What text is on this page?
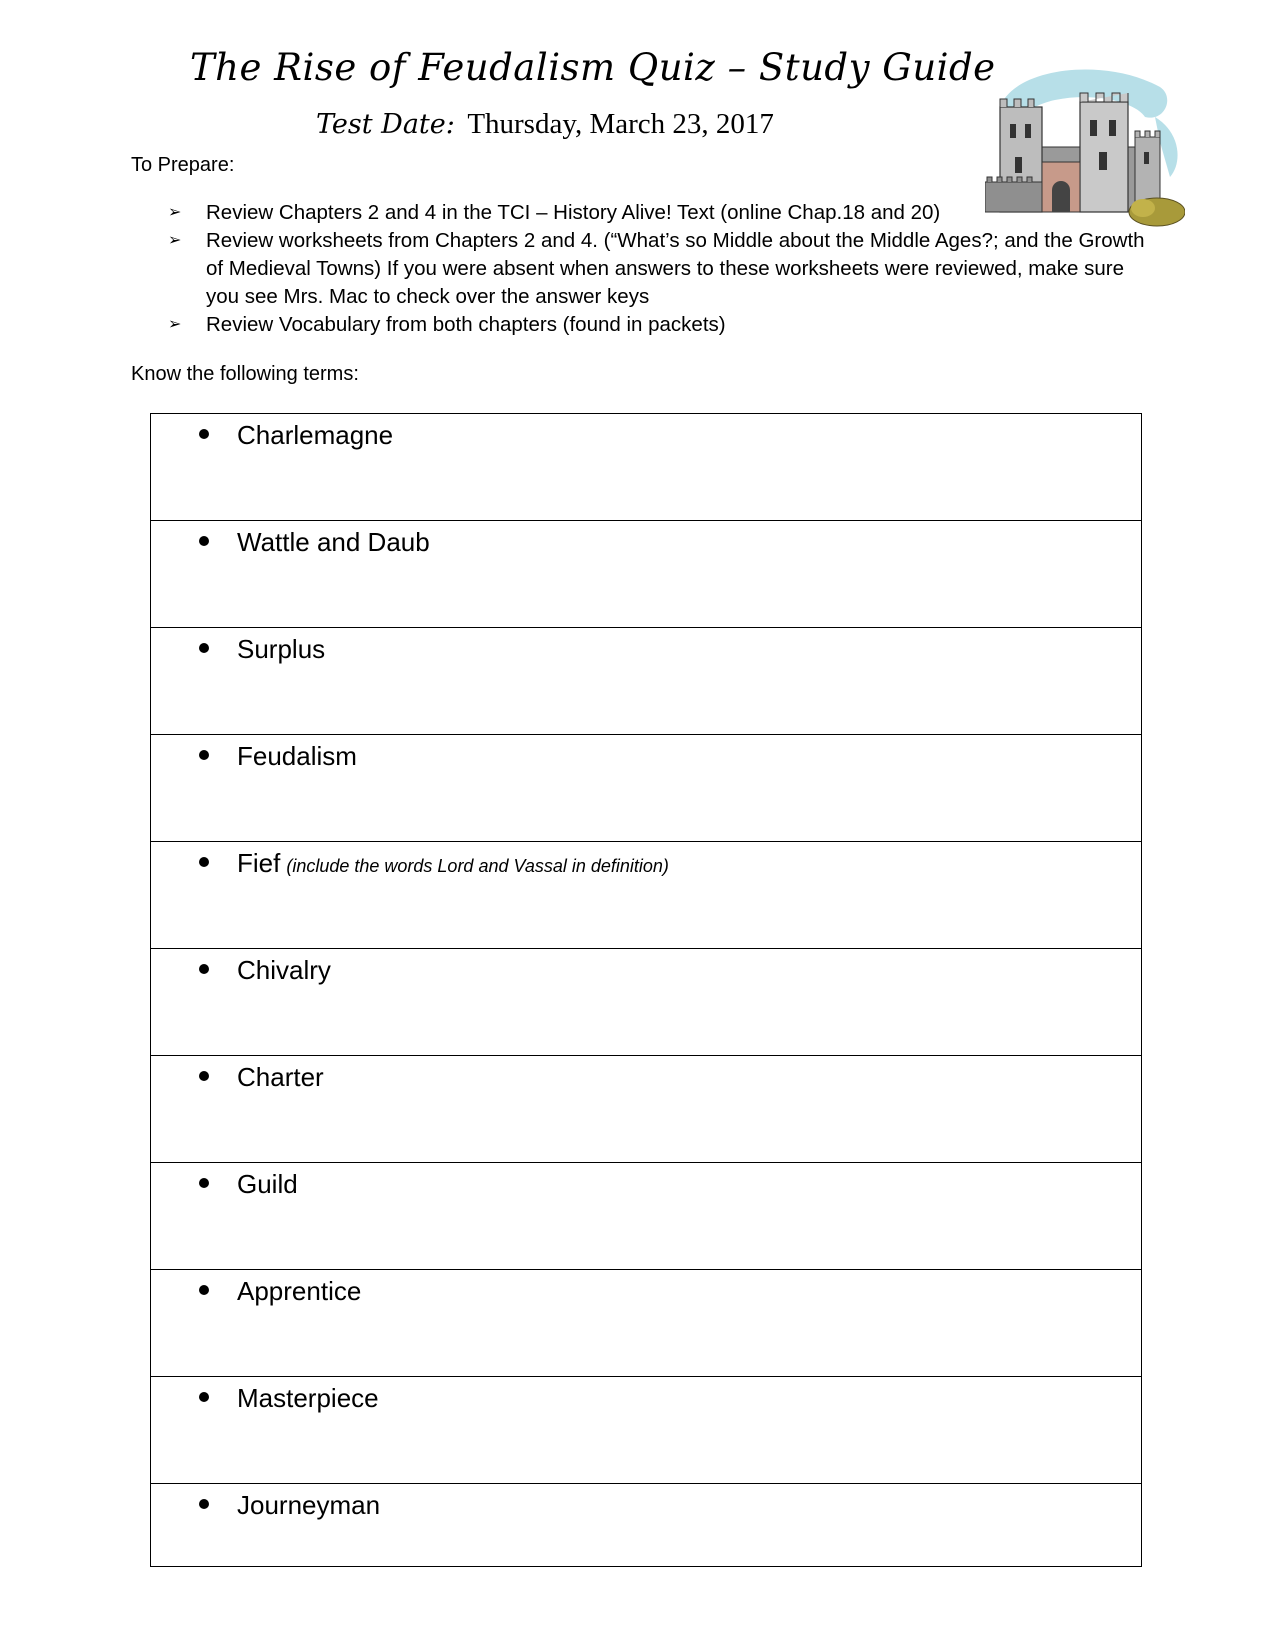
The Rise of Feudalism Quiz – Study Guide
Test Date: Thursday, March 23, 2017
To Prepare:
➢ Review Chapters 2 and 4 in the TCI – History Alive! Text (online Chap.18 and 20)
➢ Review worksheets from Chapters 2 and 4. (“What’s so Middle about the Middle Ages?; and the Growth of Medieval Towns) If you were absent when answers to these worksheets were reviewed, make sure you see Mrs. Mac to check over the answer keys
➢ Review Vocabulary from both chapters (found in packets)
Know the following terms:
Charlemagne

Wattle and Daub

Surplus

Feudalism

Fief (include the words Lord and Vassal in definition)

Chivalry

Charter

Guild

Apprentice

Masterpiece

Journeyman
